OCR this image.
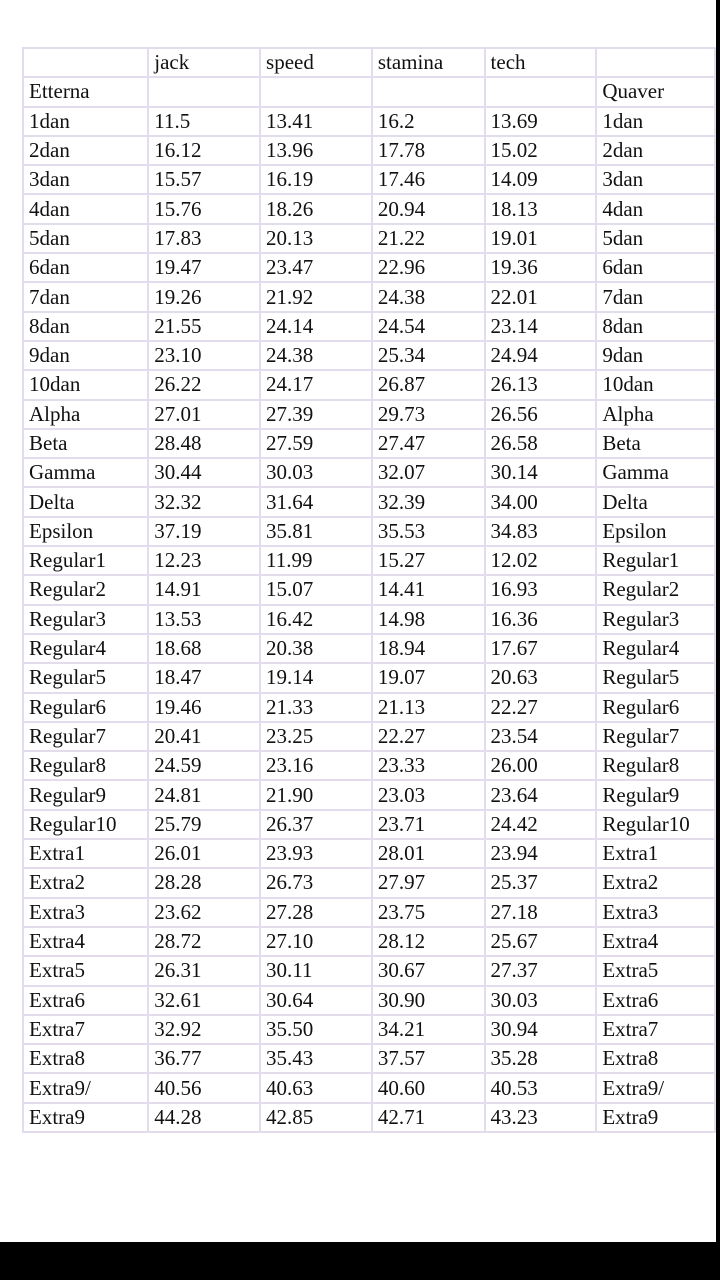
	jack	speed	stamina	tech	
Etterna					Quaver
1dan	11.5	13.41	16.2	13.69	1dan
2dan	16.12	13.96	17.78	15.02	2dan
3dan	15.57	16.19	17.46	14.09	3dan
4dan	15.76	18.26	20.94	18.13	4dan
5dan	17.83	20.13	21.22	19.01	5dan
6dan	19.47	23.47	22.96	19.36	6dan
7dan	19.26	21.92	24.38	22.01	7dan
8dan	21.55	24.14	24.54	23.14	8dan
9dan	23.10	24.38	25.34	24.94	9dan
10dan	26.22	24.17	26.87	26.13	10dan
Alpha	27.01	27.39	29.73	26.56	Alpha
Beta	28.48	27.59	27.47	26.58	Beta
Gamma	30.44	30.03	32.07	30.14	Gamma
Delta	32.32	31.64	32.39	34.00	Delta
Epsilon	37.19	35.81	35.53	34.83	Epsilon
Regular1	12.23	11.99	15.27	12.02	Regular1
Regular2	14.91	15.07	14.41	16.93	Regular2
Regular3	13.53	16.42	14.98	16.36	Regular3
Regular4	18.68	20.38	18.94	17.67	Regular4
Regular5	18.47	19.14	19.07	20.63	Regular5
Regular6	19.46	21.33	21.13	22.27	Regular6
Regular7	20.41	23.25	22.27	23.54	Regular7
Regular8	24.59	23.16	23.33	26.00	Regular8
Regular9	24.81	21.90	23.03	23.64	Regular9
Regular10	25.79	26.37	23.71	24.42	Regular10
Extra1	26.01	23.93	28.01	23.94	Extra1
Extra2	28.28	26.73	27.97	25.37	Extra2
Extra3	23.62	27.28	23.75	27.18	Extra3
Extra4	28.72	27.10	28.12	25.67	Extra4
Extra5	26.31	30.11	30.67	27.37	Extra5
Extra6	32.61	30.64	30.90	30.03	Extra6
Extra7	32.92	35.50	34.21	30.94	Extra7
Extra8	36.77	35.43	37.57	35.28	Extra8
Extra9/	40.56	40.63	40.60	40.53	Extra9/
Extra9	44.28	42.85	42.71	43.23	Extra9
